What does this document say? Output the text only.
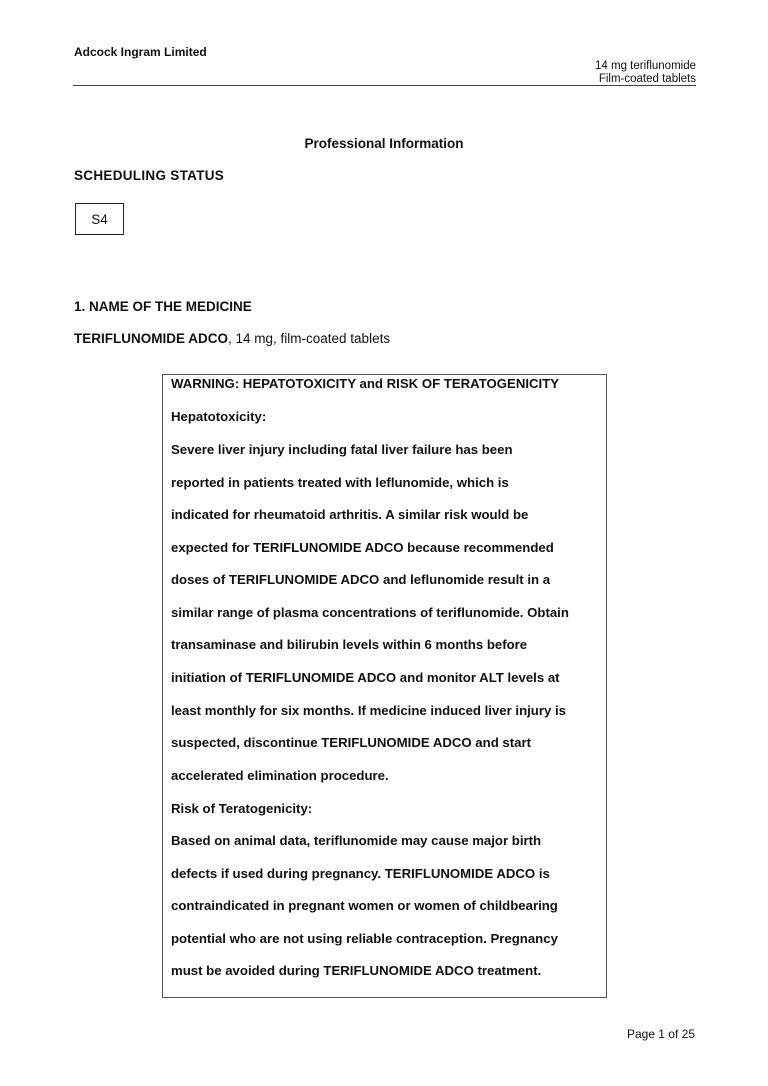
Adcock Ingram Limited
14 mg teriflunomide
Film-coated tablets
Professional Information
SCHEDULING STATUS
S4
1. NAME OF THE MEDICINE
TERIFLUNOMIDE ADCO, 14 mg, film-coated tablets
WARNING: HEPATOTOXICITY and RISK OF TERATOGENICITY
Hepatotoxicity:
Severe liver injury including fatal liver failure has been
reported in patients treated with leflunomide, which is
indicated for rheumatoid arthritis. A similar risk would be
expected for TERIFLUNOMIDE ADCO because recommended
doses of TERIFLUNOMIDE ADCO and leflunomide result in a
similar range of plasma concentrations of teriflunomide. Obtain
transaminase and bilirubin levels within 6 months before
initiation of TERIFLUNOMIDE ADCO and monitor ALT levels at
least monthly for six months. If medicine induced liver injury is
suspected, discontinue TERIFLUNOMIDE ADCO and start
accelerated elimination procedure.
Risk of Teratogenicity:
Based on animal data, teriflunomide may cause major birth
defects if used during pregnancy. TERIFLUNOMIDE ADCO is
contraindicated in pregnant women or women of childbearing
potential who are not using reliable contraception. Pregnancy
must be avoided during TERIFLUNOMIDE ADCO treatment.
Page 1 of 25
